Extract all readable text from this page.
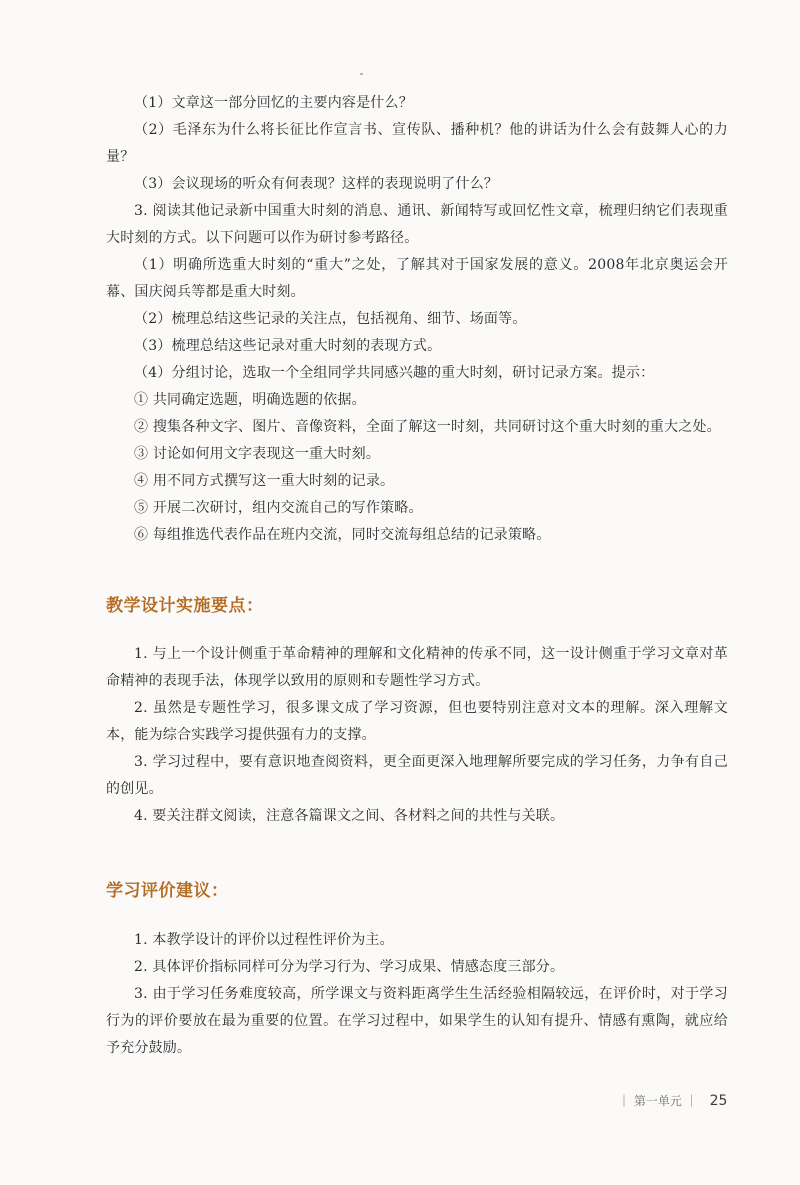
（1）文章这一部分回忆的主要内容是什么？

（2）毛泽东为什么将长征比作宣言书、宣传队、播种机？他的讲话为什么会有鼓舞人心的力量？

（3）会议现场的听众有何表现？这样的表现说明了什么？

3. 阅读其他记录新中国重大时刻的消息、通讯、新闻特写或回忆性文章，梳理归纳它们表现重大时刻的方式。以下问题可以作为研讨参考路径。

（1）明确所选重大时刻的“重大”之处，了解其对于国家发展的意义。2008年北京奥运会开幕、国庆阅兵等都是重大时刻。

（2）梳理总结这些记录的关注点，包括视角、细节、场面等。

（3）梳理总结这些记录对重大时刻的表现方式。

（4）分组讨论，选取一个全组同学共同感兴趣的重大时刻，研讨记录方案。提示：

① 共同确定选题，明确选题的依据。

② 搜集各种文字、图片、音像资料，全面了解这一时刻，共同研讨这个重大时刻的重大之处。

③ 讨论如何用文字表现这一重大时刻。

④ 用不同方式撰写这一重大时刻的记录。

⑤ 开展二次研讨，组内交流自己的写作策略。

⑥ 每组推选代表作品在班内交流，同时交流每组总结的记录策略。

教学设计实施要点：

1. 与上一个设计侧重于革命精神的理解和文化精神的传承不同，这一设计侧重于学习文章对革命精神的表现手法，体现学以致用的原则和专题性学习方式。

2. 虽然是专题性学习，很多课文成了学习资源，但也要特别注意对文本的理解。深入理解文本，能为综合实践学习提供强有力的支撑。

3. 学习过程中，要有意识地查阅资料，更全面更深入地理解所要完成的学习任务，力争有自己的创见。

4. 要关注群文阅读，注意各篇课文之间、各材料之间的共性与关联。

学习评价建议：

1. 本教学设计的评价以过程性评价为主。

2. 具体评价指标同样可分为学习行为、学习成果、情感态度三部分。

3. 由于学习任务难度较高，所学课文与资料距离学生生活经验相隔较远，在评价时，对于学习行为的评价要放在最为重要的位置。在学习过程中，如果学生的认知有提升、情感有熏陶，就应给予充分鼓励。

｜ 第一单元 ｜ 25
